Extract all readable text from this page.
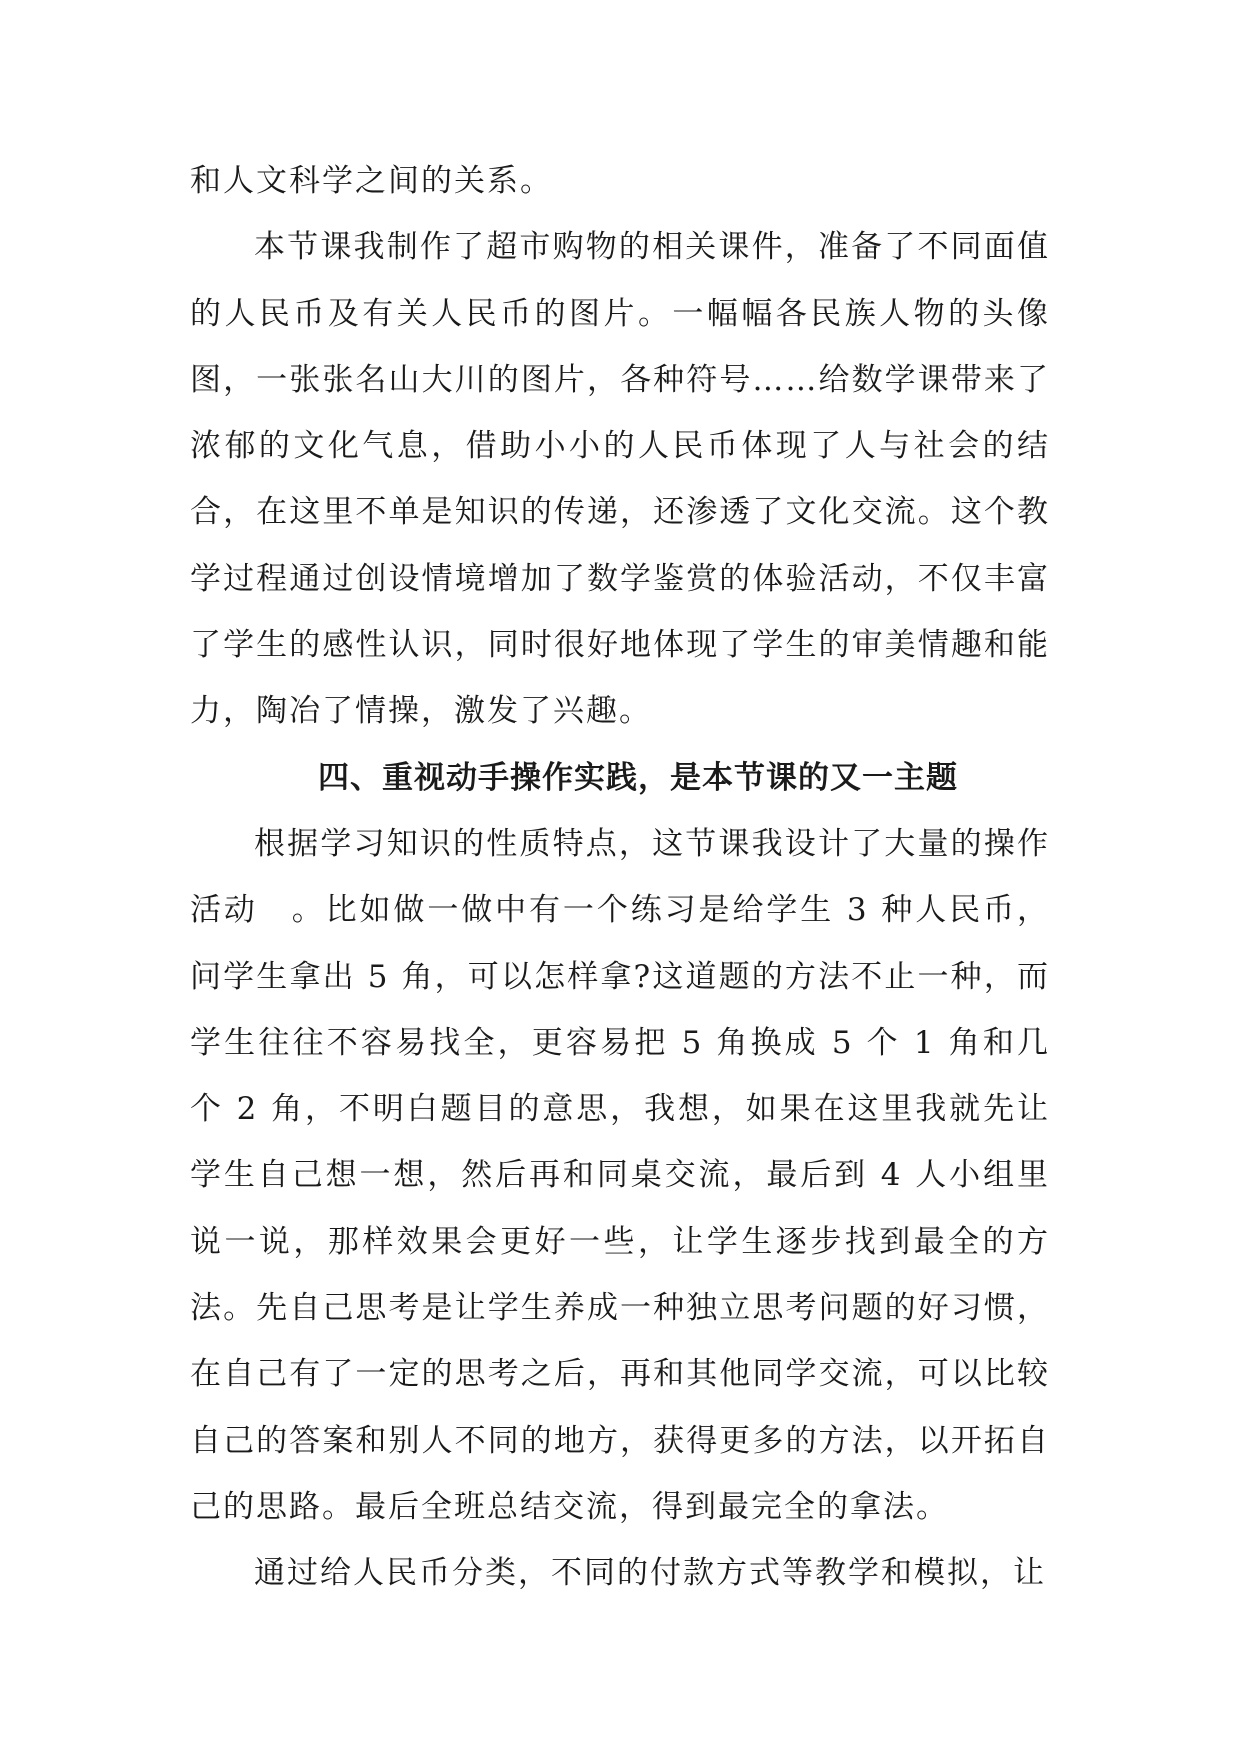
和人文科学之间的关系。

本节课我制作了超市购物的相关课件，准备了不同面值的人民币及有关人民币的图片。一幅幅各民族人物的头像图，一张张名山大川的图片，各种符号……给数学课带来了浓郁的文化气息，借助小小的人民币体现了人与社会的结合，在这里不单是知识的传递，还渗透了文化交流。这个教学过程通过创设情境增加了数学鉴赏的体验活动，不仅丰富了学生的感性认识，同时很好地体现了学生的审美情趣和能力，陶冶了情操，激发了兴趣。

四、重视动手操作实践，是本节课的又一主题

根据学习知识的性质特点，这节课我设计了大量的操作活动　。比如做一做中有一个练习是给学生 3 种人民币，问学生拿出 5 角，可以怎样拿?这道题的方法不止一种，而学生往往不容易找全，更容易把 5 角换成 5 个 1 角和几个 2 角，不明白题目的意思，我想，如果在这里我就先让学生自己想一想，然后再和同桌交流，最后到 4 人小组里说一说，那样效果会更好一些，让学生逐步找到最全的方法。先自己思考是让学生养成一种独立思考问题的好习惯，在自己有了一定的思考之后，再和其他同学交流，可以比较自己的答案和别人不同的地方，获得更多的方法，以开拓自己的思路。最后全班总结交流，得到最完全的拿法。

通过给人民币分类，不同的付款方式等教学和模拟，让
